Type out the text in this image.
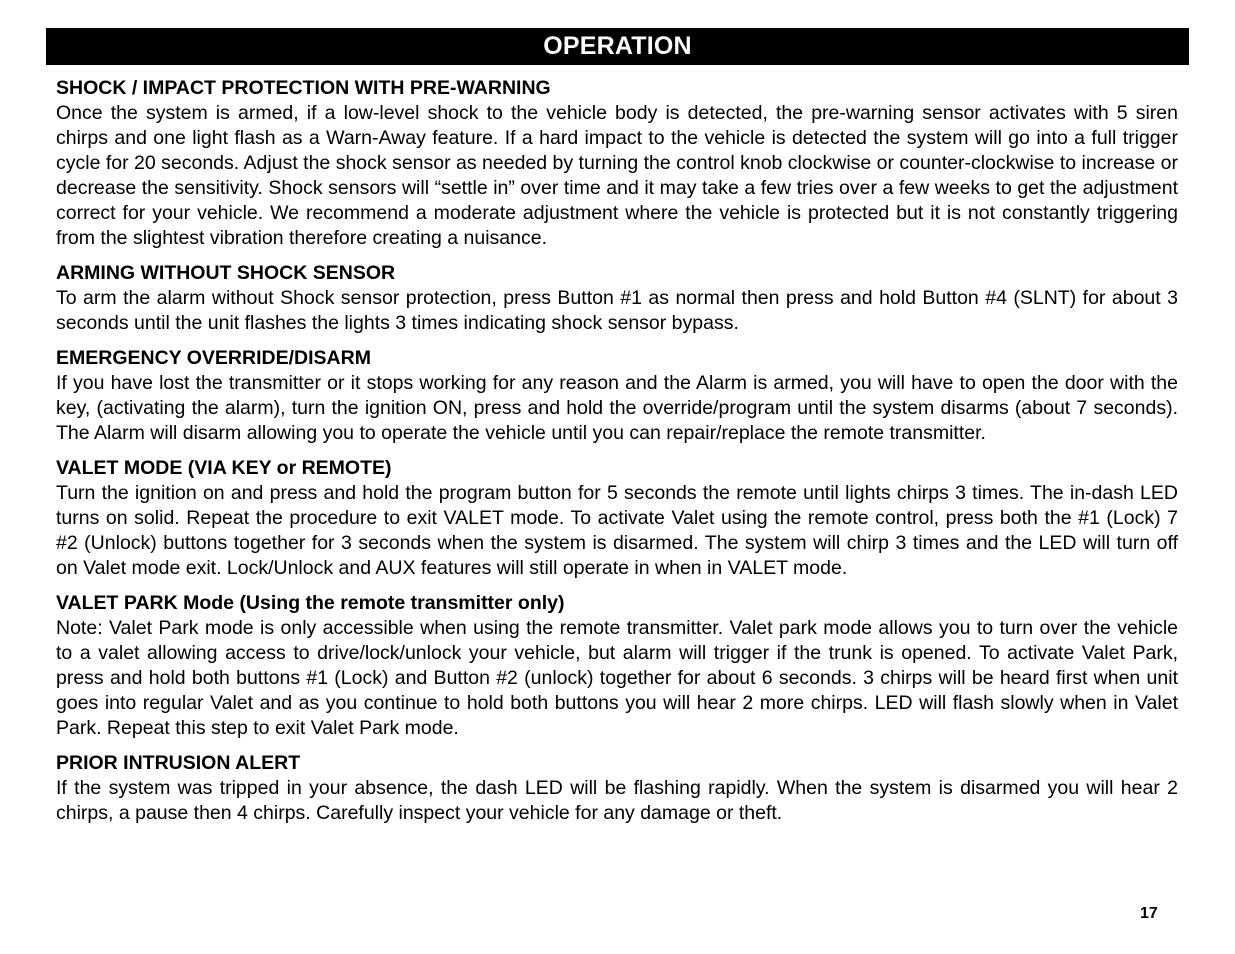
OPERATION

SHOCK / IMPACT PROTECTION WITH PRE-WARNING

Once the system is armed, if a low-level shock to the vehicle body is detected, the pre-warning sensor activates with 5 siren chirps and one light flash as a Warn-Away feature. If a hard impact to the vehicle is detected the system will go into a full trigger cycle for 20 seconds. Adjust the shock sensor as needed by turning the control knob clockwise or counter-clockwise to increase or decrease the sensitivity. Shock sensors will “settle in” over time and it may take a few tries over a few weeks to get the adjustment correct for your vehicle. We recommend a moderate adjustment where the vehicle is protected but it is not constantly triggering from the slightest vibration therefore creating a nuisance.

ARMING WITHOUT SHOCK SENSOR

To arm the alarm without Shock sensor protection, press Button #1 as normal then press and hold Button #4 (SLNT) for about 3 seconds until the unit flashes the lights 3 times indicating shock sensor bypass.

EMERGENCY OVERRIDE/DISARM

If you have lost the transmitter or it stops working for any reason and the Alarm is armed, you will have to open the door with the key, (activating the alarm), turn the ignition ON, press and hold the override/program until the system disarms (about 7 seconds). The Alarm will disarm allowing you to operate the vehicle until you can repair/replace the remote transmitter.

VALET MODE (VIA KEY or REMOTE)

Turn the ignition on and press and hold the program button for 5 seconds the remote until lights chirps 3 times. The in-dash LED turns on solid. Repeat the procedure to exit VALET mode. To activate Valet using the remote control, press both the #1 (Lock) 7 #2 (Unlock) buttons together for 3 seconds when the system is disarmed. The system will chirp 3 times and the LED will turn off on Valet mode exit. Lock/Unlock and AUX features will still operate in when in VALET mode.

VALET PARK Mode (Using the remote transmitter only)

Note: Valet Park mode is only accessible when using the remote transmitter. Valet park mode allows you to turn over the vehicle to a valet allowing access to drive/lock/unlock your vehicle, but alarm will trigger if the trunk is opened. To activate Valet Park, press and hold both buttons #1 (Lock) and Button #2 (unlock) together for about 6 seconds. 3 chirps will be heard first when unit goes into regular Valet and as you continue to hold both buttons you will hear 2 more chirps. LED will flash slowly when in Valet Park. Repeat this step to exit Valet Park mode.

PRIOR INTRUSION ALERT

If the system was tripped in your absence, the dash LED will be flashing rapidly. When the system is disarmed you will hear 2 chirps, a pause then 4 chirps. Carefully inspect your vehicle for any damage or theft.

17
